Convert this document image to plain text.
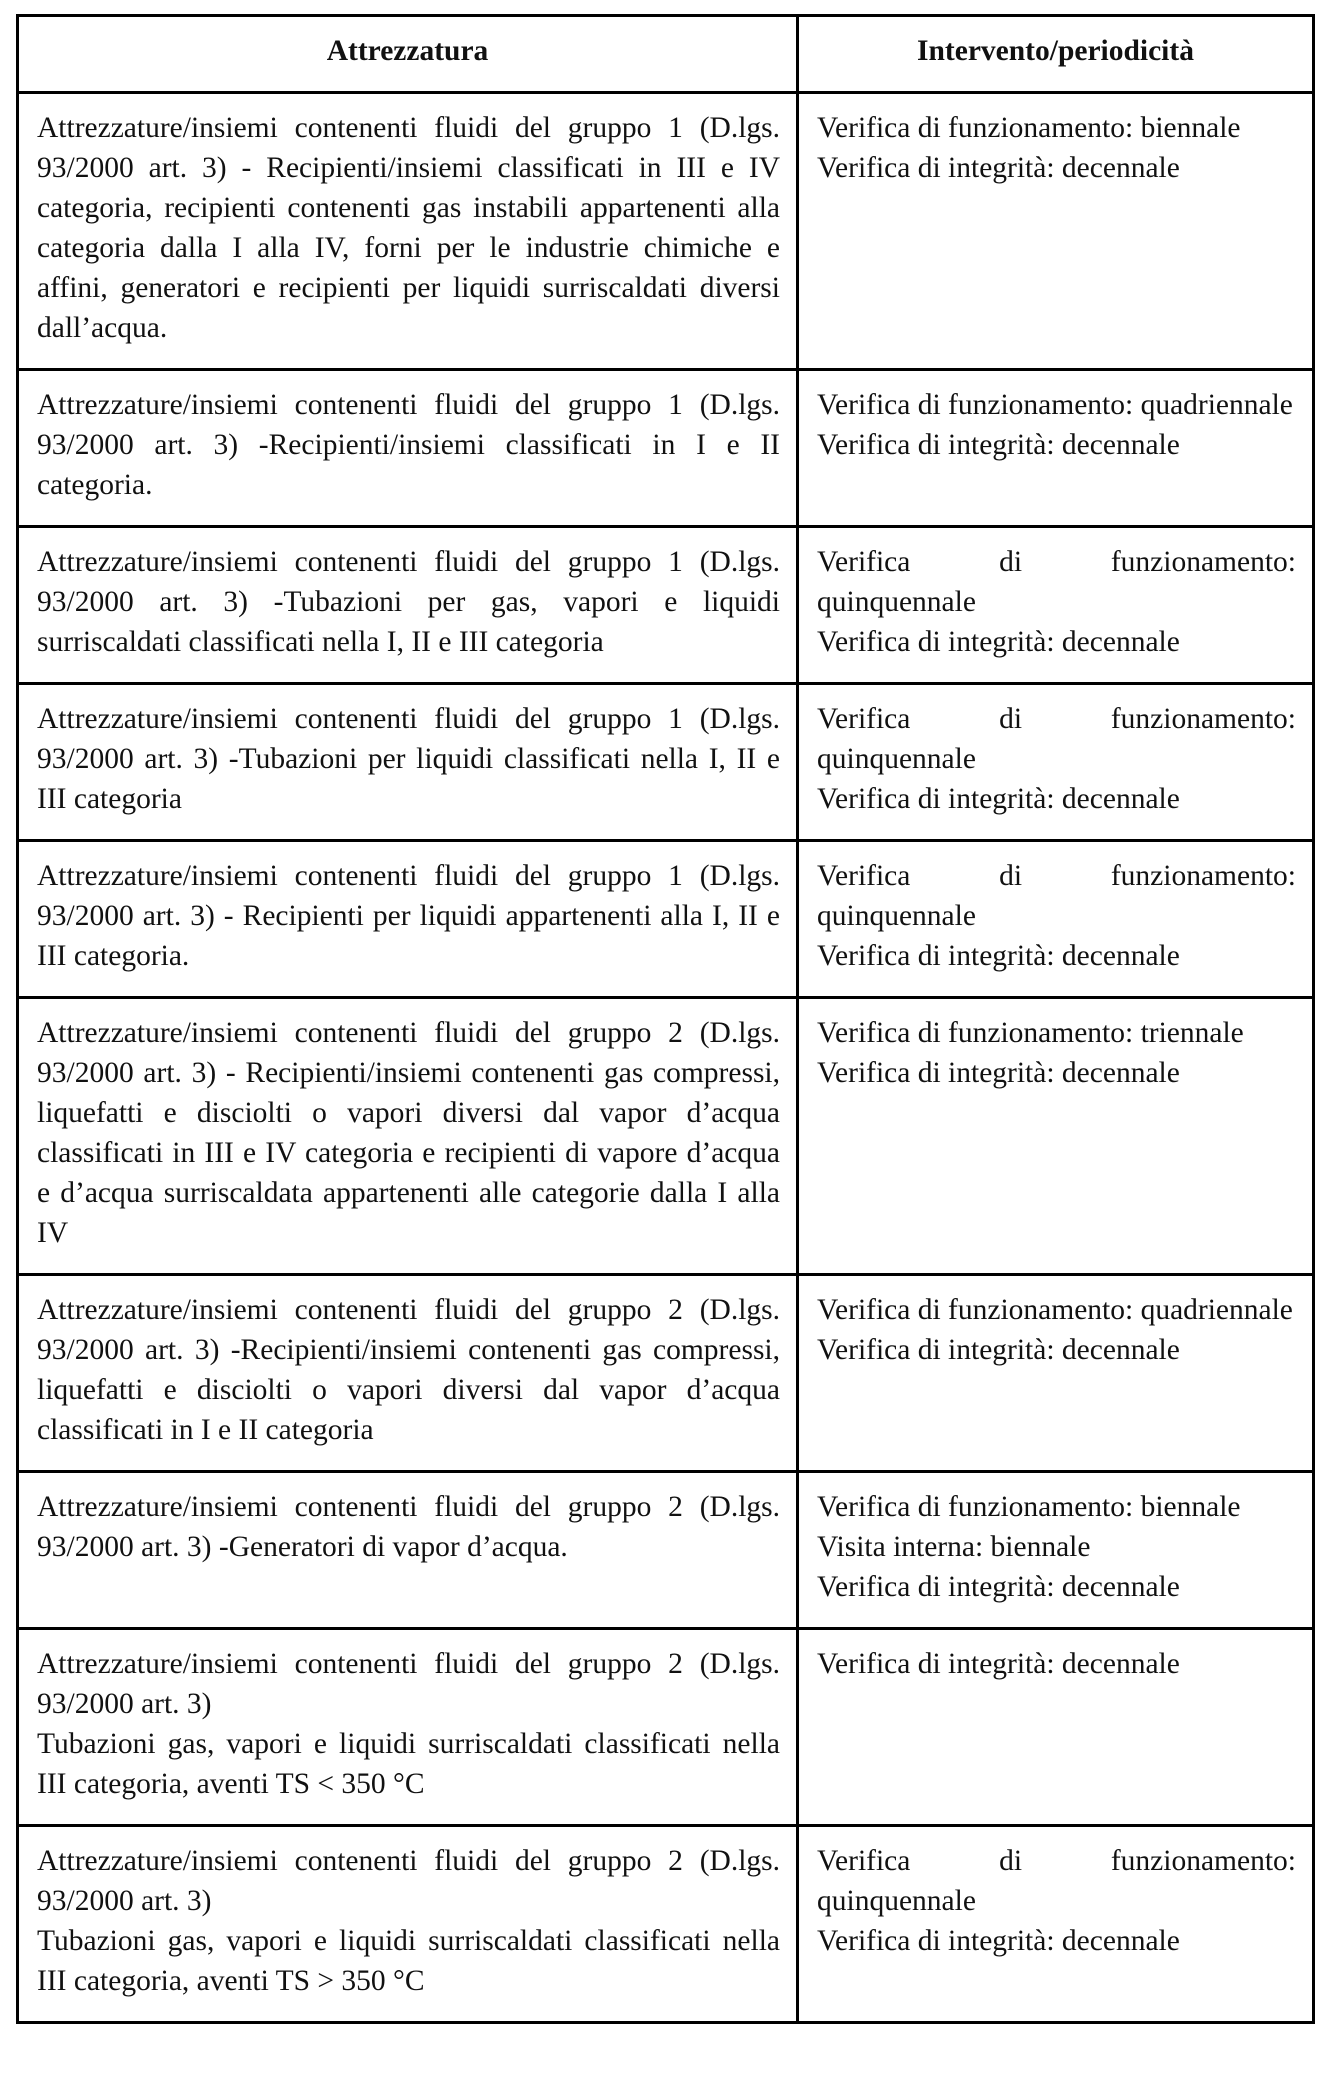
Attrezzatura	Intervento/periodicità
Attrezzature/insiemi contenenti fluidi del gruppo 1 (D.lgs. 93/2000 art. 3) - Recipienti/insiemi classificati in III e IV categoria, recipienti contenenti gas instabili appartenenti alla categoria dalla I alla IV, forni per le industrie chimiche e affini, generatori e recipienti per liquidi surriscaldati diversi dall’acqua.	Verifica di funzionamento: biennale
Verifica di integrità: decennale

Attrezzature/insiemi contenenti fluidi del gruppo 1 (D.lgs. 93/2000 art. 3) -Recipienti/insiemi classificati in I e II categoria.	Verifica di funzionamento: quadriennale
Verifica di integrità: decennale

Attrezzature/insiemi contenenti fluidi del gruppo 1 (D.lgs. 93/2000 art. 3) -Tubazioni per gas, vapori e liquidi surriscaldati classificati nella I, II e III categoria	Verifica di funzionamento: quinquennale
Verifica di integrità: decennale

Attrezzature/insiemi contenenti fluidi del gruppo 1 (D.lgs. 93/2000 art. 3) -Tubazioni per liquidi classificati nella I, II e III categoria	Verifica di funzionamento: quinquennale
Verifica di integrità: decennale

Attrezzature/insiemi contenenti fluidi del gruppo 1 (D.lgs. 93/2000 art. 3) - Recipienti per liquidi appartenenti alla I, II e III categoria.	Verifica di funzionamento: quinquennale
Verifica di integrità: decennale

Attrezzature/insiemi contenenti fluidi del gruppo 2 (D.lgs. 93/2000 art. 3) - Recipienti/insiemi contenenti gas compressi, liquefatti e disciolti o vapori diversi dal vapor d’acqua classificati in III e IV categoria e recipienti di vapore d’acqua e d’acqua surriscaldata appartenenti alle categorie dalla I alla IV	Verifica di funzionamento: triennale
Verifica di integrità: decennale

Attrezzature/insiemi contenenti fluidi del gruppo 2 (D.lgs. 93/2000 art. 3) -Recipienti/insiemi contenenti gas compressi, liquefatti e disciolti o vapori diversi dal vapor d’acqua classificati in I e II categoria	Verifica di funzionamento: quadriennale
Verifica di integrità: decennale

Attrezzature/insiemi contenenti fluidi del gruppo 2 (D.lgs. 93/2000 art. 3) -Generatori di vapor d’acqua.	Verifica di funzionamento: biennale
Visita interna: biennale
Verifica di integrità: decennale

Attrezzature/insiemi contenenti fluidi del gruppo 2 (D.lgs. 93/2000 art. 3)
Tubazioni gas, vapori e liquidi surriscaldati classificati nella III categoria, aventi TS < 350 °C	Verifica di integrità: decennale

Attrezzature/insiemi contenenti fluidi del gruppo 2 (D.lgs. 93/2000 art. 3)
Tubazioni gas, vapori e liquidi surriscaldati classificati nella III categoria, aventi TS > 350 °C	Verifica di funzionamento: quinquennale
Verifica di integrità: decennale
